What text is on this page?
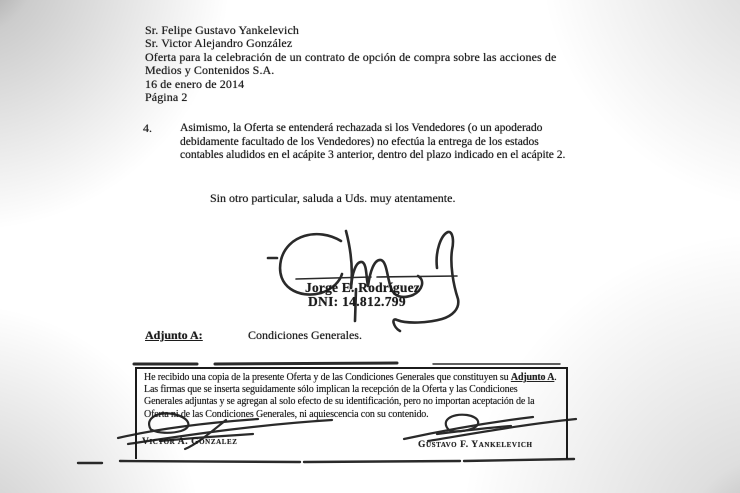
Sr. Felipe Gustavo Yankelevich
Sr. Victor Alejandro González
Oferta para la celebración de un contrato de opción de compra sobre las acciones de
Medios y Contenidos S.A.
16 de enero de 2014
Página 2
4. Asimismo, la Oferta se entenderá rechazada si los Vendedores (o un apoderado debidamente facultado de los Vendedores) no efectúa la entrega de los estados contables aludidos en el acápite 3 anterior, dentro del plazo indicado en el acápite 2.
Sin otro particular, saluda a Uds. muy atentamente.
Jorge E. Rodríguez
DNI: 14.812.799
Adjunto A:	Condiciones Generales.
He recibido una copia de la presente Oferta y de las Condiciones Generales que constituyen su Adjunto A. Las firmas que se inserta seguidamente sólo implican la recepción de la Oferta y las Condiciones Generales adjuntas y se agregan al solo efecto de su identificación, pero no importan aceptación de la Oferta ni de las Condiciones Generales, ni aquiescencia con su contenido.
Victor A. Gonzalez	Gustavo F. Yankelevich
